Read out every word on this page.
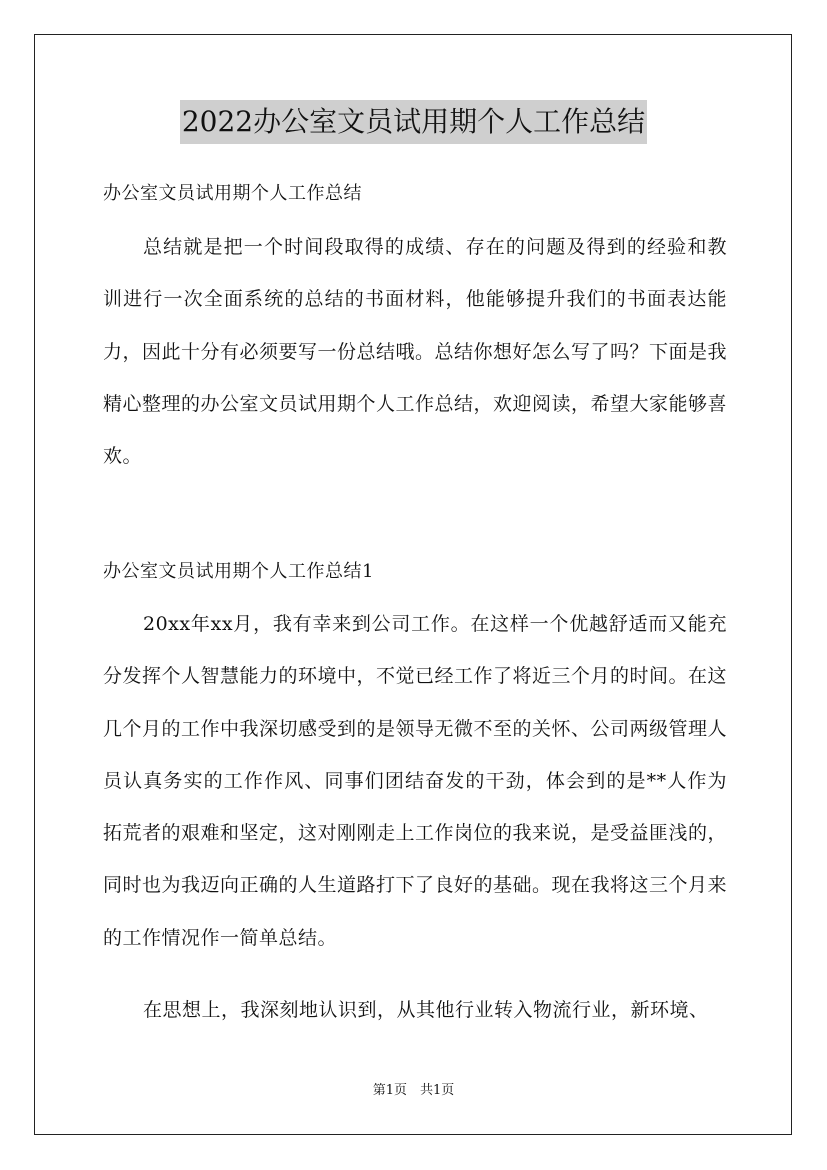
2022办公室文员试用期个人工作总结
办公室文员试用期个人工作总结
总结就是把一个时间段取得的成绩、存在的问题及得到的经验和教训进行一次全面系统的总结的书面材料，他能够提升我们的书面表达能力，因此十分有必须要写一份总结哦。总结你想好怎么写了吗？下面是我精心整理的办公室文员试用期个人工作总结，欢迎阅读，希望大家能够喜欢。
办公室文员试用期个人工作总结1
20xx年xx月，我有幸来到公司工作。在这样一个优越舒适而又能充分发挥个人智慧能力的环境中，不觉已经工作了将近三个月的时间。在这几个月的工作中我深切感受到的是领导无微不至的关怀、公司两级管理人员认真务实的工作作风、同事们团结奋发的干劲，体会到的是**人作为拓荒者的艰难和坚定，这对刚刚走上工作岗位的我来说，是受益匪浅的，同时也为我迈向正确的人生道路打下了良好的基础。现在我将这三个月来的工作情况作一简单总结。
在思想上，我深刻地认识到，从其他行业转入物流行业，新环境、
第1页　共1页
